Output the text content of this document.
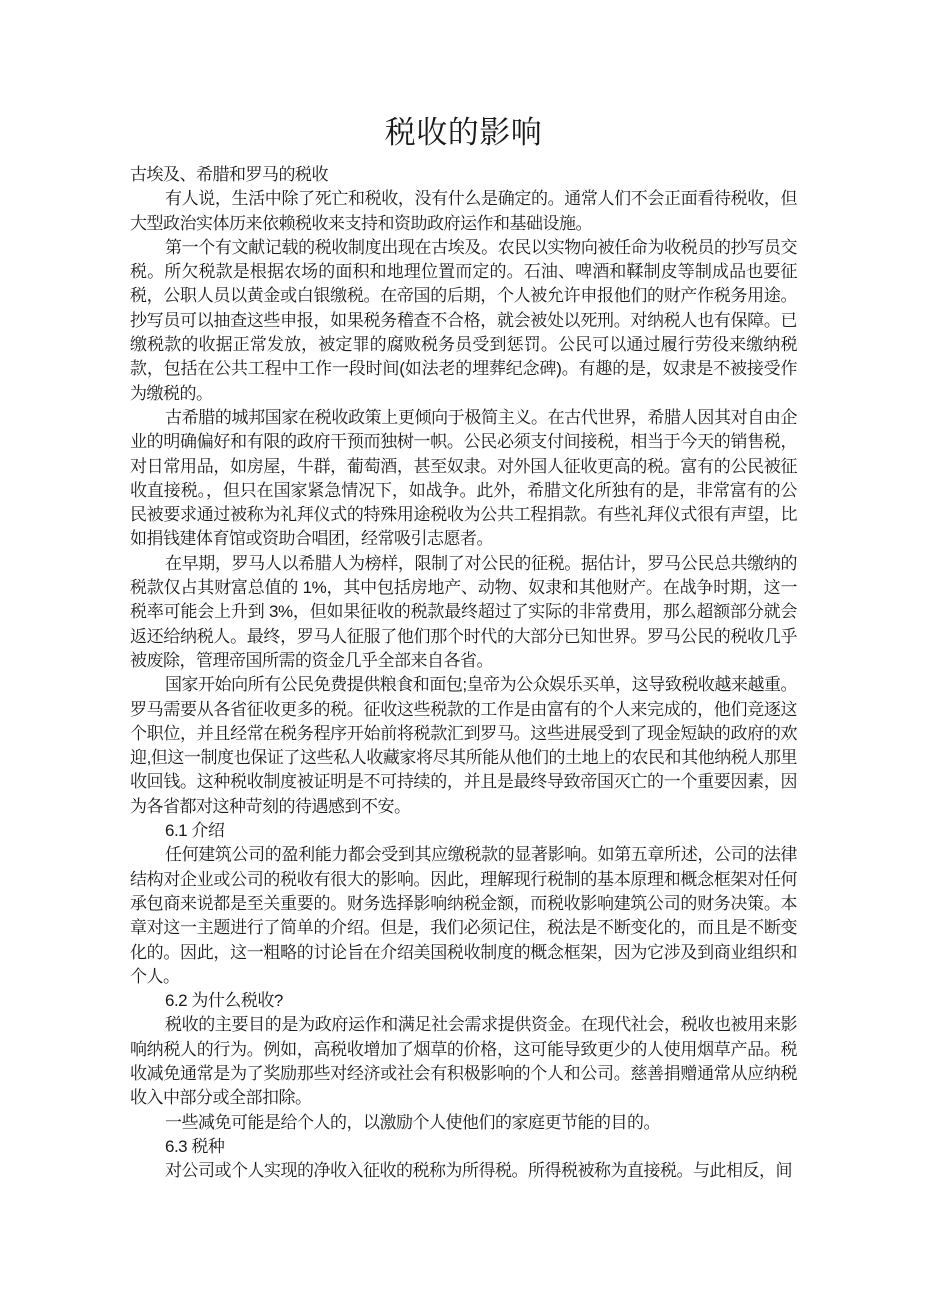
税收的影响

古埃及、希腊和罗马的税收

有人说，生活中除了死亡和税收，没有什么是确定的。通常人们不会正面看待税收，但大型政治实体历来依赖税收来支持和资助政府运作和基础设施。

第一个有文献记载的税收制度出现在古埃及。农民以实物向被任命为收税员的抄写员交税。所欠税款是根据农场的面积和地理位置而定的。石油、啤酒和鞣制皮等制成品也要征税，公职人员以黄金或白银缴税。在帝国的后期，个人被允许申报他们的财产作税务用途。抄写员可以抽查这些申报，如果税务稽查不合格，就会被处以死刑。对纳税人也有保障。已缴税款的收据正常发放，被定罪的腐败税务员受到惩罚。公民可以通过履行劳役来缴纳税款，包括在公共工程中工作一段时间(如法老的埋葬纪念碑)。有趣的是，奴隶是不被接受作为缴税的。

古希腊的城邦国家在税收政策上更倾向于极简主义。在古代世界，希腊人因其对自由企业的明确偏好和有限的政府干预而独树一帜。公民必须支付间接税，相当于今天的销售税，对日常用品，如房屋，牛群，葡萄酒，甚至奴隶。对外国人征收更高的税。富有的公民被征收直接税。，但只在国家紧急情况下，如战争。此外，希腊文化所独有的是，非常富有的公民被要求通过被称为礼拜仪式的特殊用途税收为公共工程捐款。有些礼拜仪式很有声望，比如捐钱建体育馆或资助合唱团，经常吸引志愿者。

在早期，罗马人以希腊人为榜样，限制了对公民的征税。据估计，罗马公民总共缴纳的税款仅占其财富总值的 1%，其中包括房地产、动物、奴隶和其他财产。在战争时期，这一税率可能会上升到 3%，但如果征收的税款最终超过了实际的非常费用，那么超额部分就会返还给纳税人。最终，罗马人征服了他们那个时代的大部分已知世界。罗马公民的税收几乎被废除，管理帝国所需的资金几乎全部来自各省。

国家开始向所有公民免费提供粮食和面包;皇帝为公众娱乐买单，这导致税收越来越重。罗马需要从各省征收更多的税。征收这些税款的工作是由富有的个人来完成的，他们竞逐这个职位，并且经常在税务程序开始前将税款汇到罗马。这些进展受到了现金短缺的政府的欢迎,但这一制度也保证了这些私人收藏家将尽其所能从他们的土地上的农民和其他纳税人那里收回钱。这种税收制度被证明是不可持续的，并且是最终导致帝国灭亡的一个重要因素，因为各省都对这种苛刻的待遇感到不安。

6.1 介绍

任何建筑公司的盈利能力都会受到其应缴税款的显著影响。如第五章所述，公司的法律结构对企业或公司的税收有很大的影响。因此，理解现行税制的基本原理和概念框架对任何承包商来说都是至关重要的。财务选择影响纳税金额，而税收影响建筑公司的财务决策。本章对这一主题进行了简单的介绍。但是，我们必须记住，税法是不断变化的，而且是不断变化的。因此，这一粗略的讨论旨在介绍美国税收制度的概念框架，因为它涉及到商业组织和个人。

6.2 为什么税收?

税收的主要目的是为政府运作和满足社会需求提供资金。在现代社会，税收也被用来影响纳税人的行为。例如，高税收增加了烟草的价格，这可能导致更少的人使用烟草产品。税收减免通常是为了奖励那些对经济或社会有积极影响的个人和公司。慈善捐赠通常从应纳税收入中部分或全部扣除。

一些减免可能是给个人的，以激励个人使他们的家庭更节能的目的。

6.3 税种

对公司或个人实现的净收入征收的税称为所得税。所得税被称为直接税。与此相反，间
